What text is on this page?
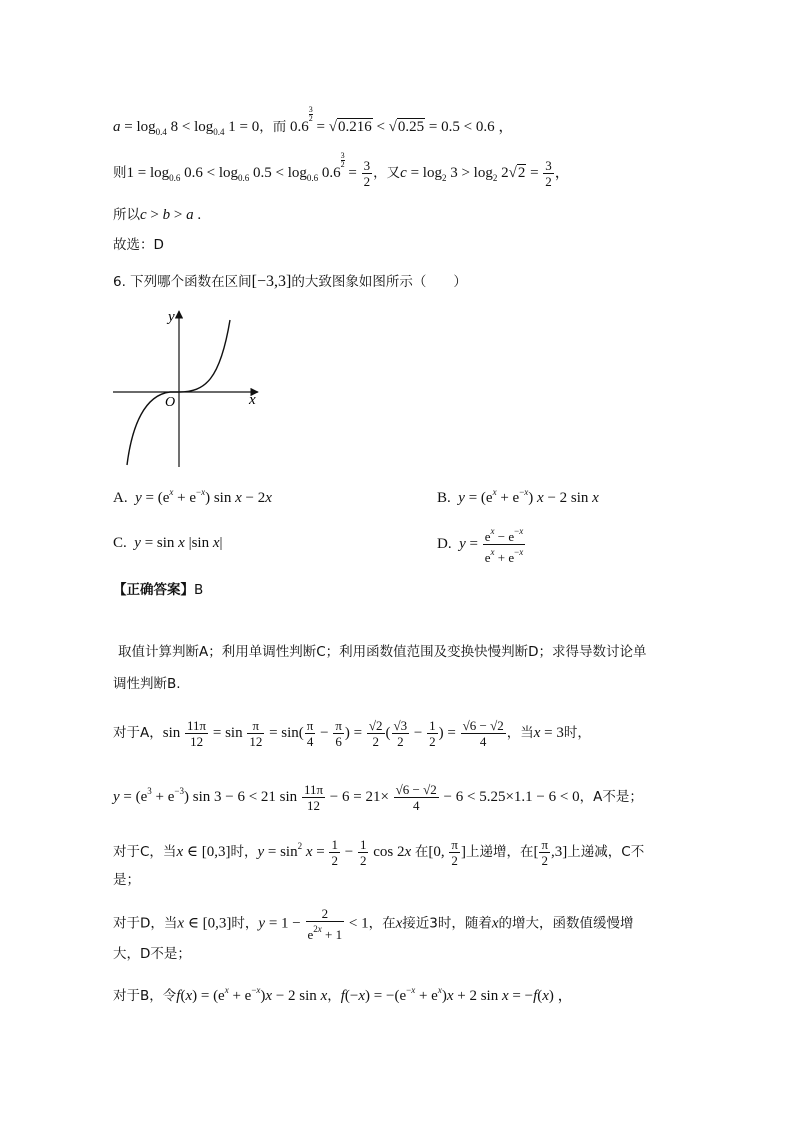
$a = \log_{0.4} 8 < \log_{0.4} 1 = 0$，而 0.6
$\frac{3}{2}$
= √0.216 < √0.25 = 0.5 < 0.6 ，
则$1 = \log_{0.6} 0.6 < \log_{0.6} 0.5 < \log_{0.6} 0.6$
$\frac{3}{2}$
= $\frac{3}{2}$ ，又$c = \log_2 3 > \log_2 2√2 = \frac{3}{2}$ ，
所以c > b > a .
故选：D
6. 下列哪个函数在区间[−3,3]的大致图象如图所示（　　）
x
y
O
A. $y = (e^x + e^{-x})$ sin x − 2x	B. $y = (e^x + e^{-x}) x - 2$ sin x
C. y = sin x |sin x|	D. $y = \frac{e^x - e^{-x}}{e^x + e^{-x}}$
【正确答案】B
取值计算判断A；利用单调性判断C；利用函数值范围及变换快慢判断D；求得导数讨论单
调性判断B.
对于A，$\sin \frac{11\pi}{12} = \sin \frac{\pi}{12} = \sin( \frac{\pi}{4} - \frac{\pi}{6}$ ) = $\frac{√2}{2}$ ( $\frac{√3}{2} - \frac{1}{2}$ ) = $\frac{√6 - √2}{4}$ ，当x = 3时，
$y = (e^3 + e^{-3})$ sin 3 − 6 < 21 $\sin \frac{11\pi}{12} - 6 = 21\times \frac{√6 - √2}{4} - 6 < 5.25\times 1.1 - 6 < 0$，A不是；
对于C，当x ∈ [0,3]时，$y = \sin^2 x = \frac{1}{2} - \frac{1}{2}$ cos 2x 在[0, $\frac{\pi}{2}$ ]上递增，在[ $\frac{\pi}{2} ,3$]上递减，C不
是；
对于D，当x ∈ [0,3]时，$y = 1 - \frac{2}{e^{2x} + 1} < 1$，在x接近3时，随着x的增大，函数值缓慢增
大，D不是；
对于B，令$f(x) = (e^x + e^{-x})x - 2$ sin x，$f(-x) = -(e^{-x} + e^x)x + 2$ sin x = −f(x) ，
